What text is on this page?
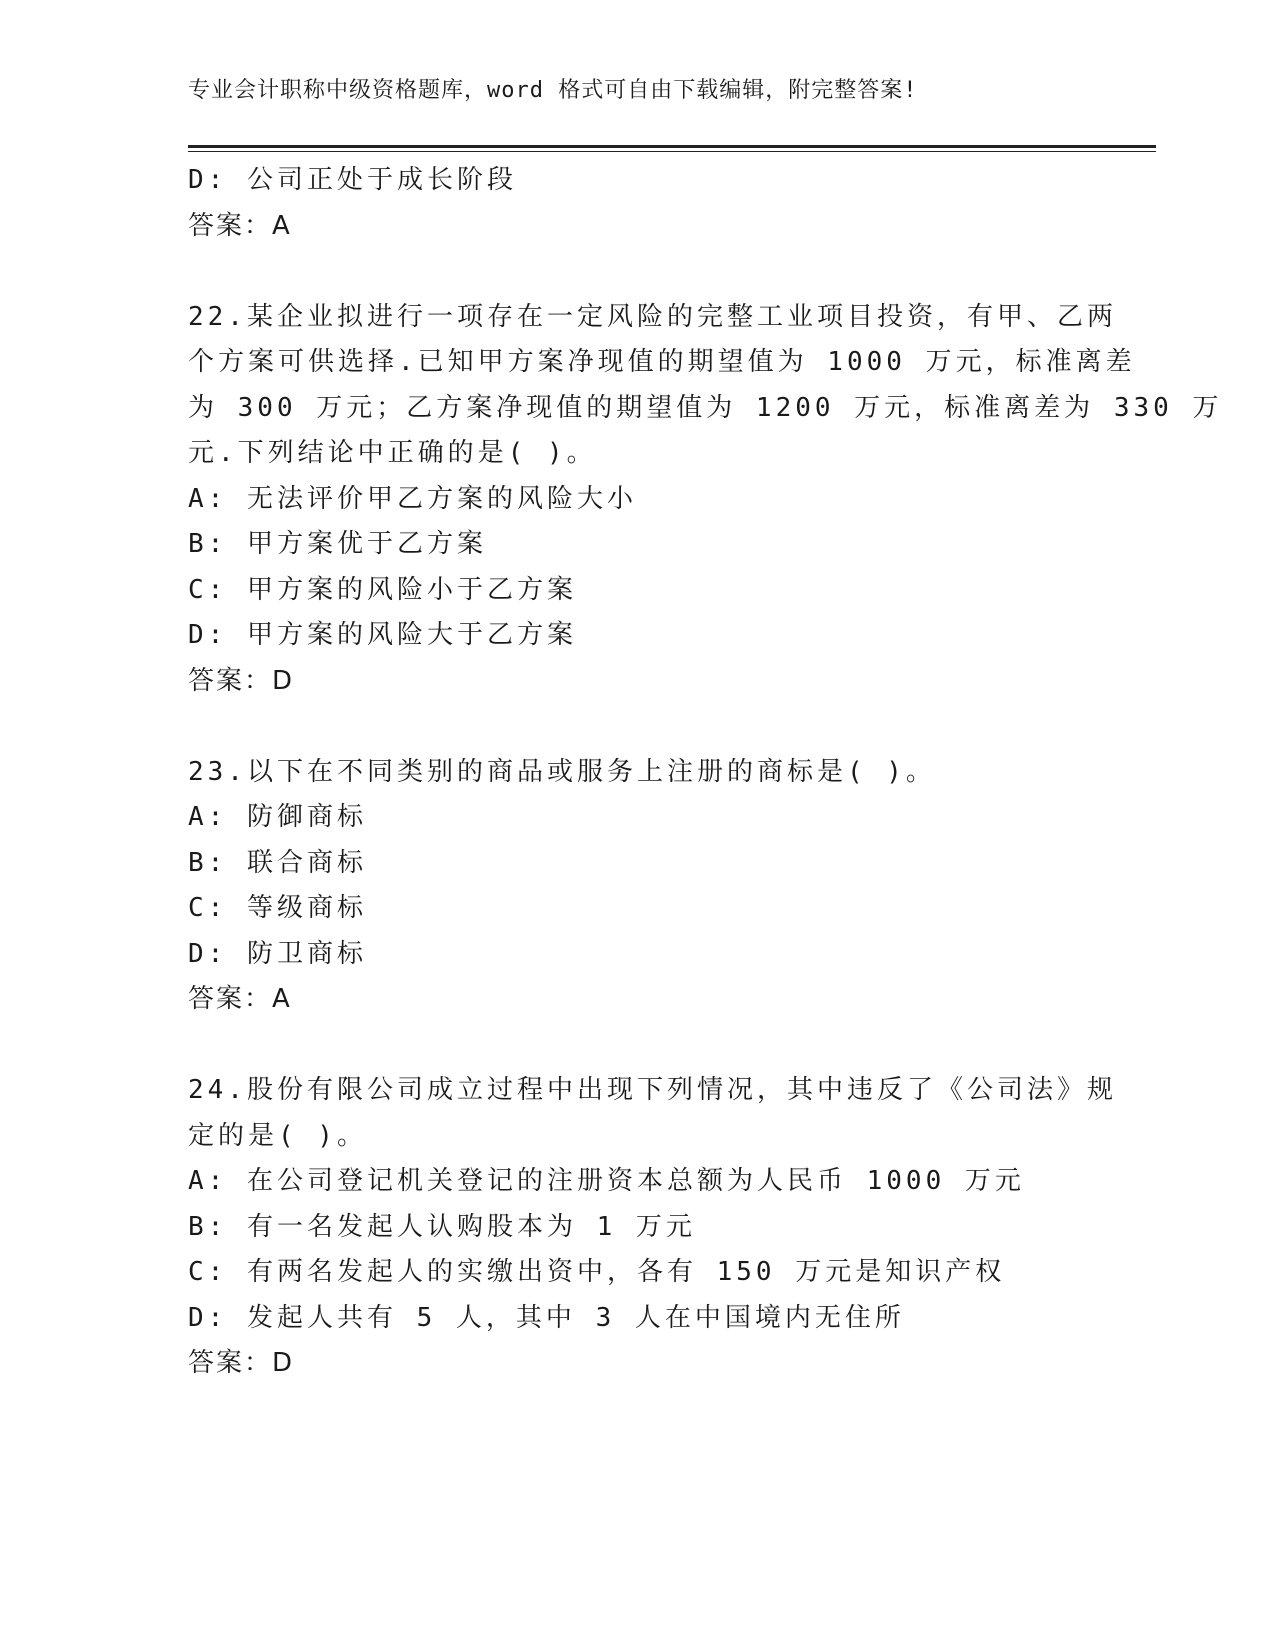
专业会计职称中级资格题库，word 格式可自由下载编辑，附完整答案!
D: 公司正处于成长阶段
答案：A
22.某企业拟进行一项存在一定风险的完整工业项目投资，有甲、乙两
个方案可供选择.已知甲方案净现值的期望值为 1000 万元，标准离差
为 300 万元；乙方案净现值的期望值为 1200 万元，标准离差为 330 万
元.下列结论中正确的是( )。
A: 无法评价甲乙方案的风险大小
B: 甲方案优于乙方案
C: 甲方案的风险小于乙方案
D: 甲方案的风险大于乙方案
答案：D
23.以下在不同类别的商品或服务上注册的商标是( )。
A: 防御商标
B: 联合商标
C: 等级商标
D: 防卫商标
答案：A
24.股份有限公司成立过程中出现下列情况，其中违反了《公司法》规
定的是( )。
A: 在公司登记机关登记的注册资本总额为人民币 1000 万元
B: 有一名发起人认购股本为 1 万元
C: 有两名发起人的实缴出资中，各有 150 万元是知识产权
D: 发起人共有 5 人，其中 3 人在中国境内无住所
答案：D
